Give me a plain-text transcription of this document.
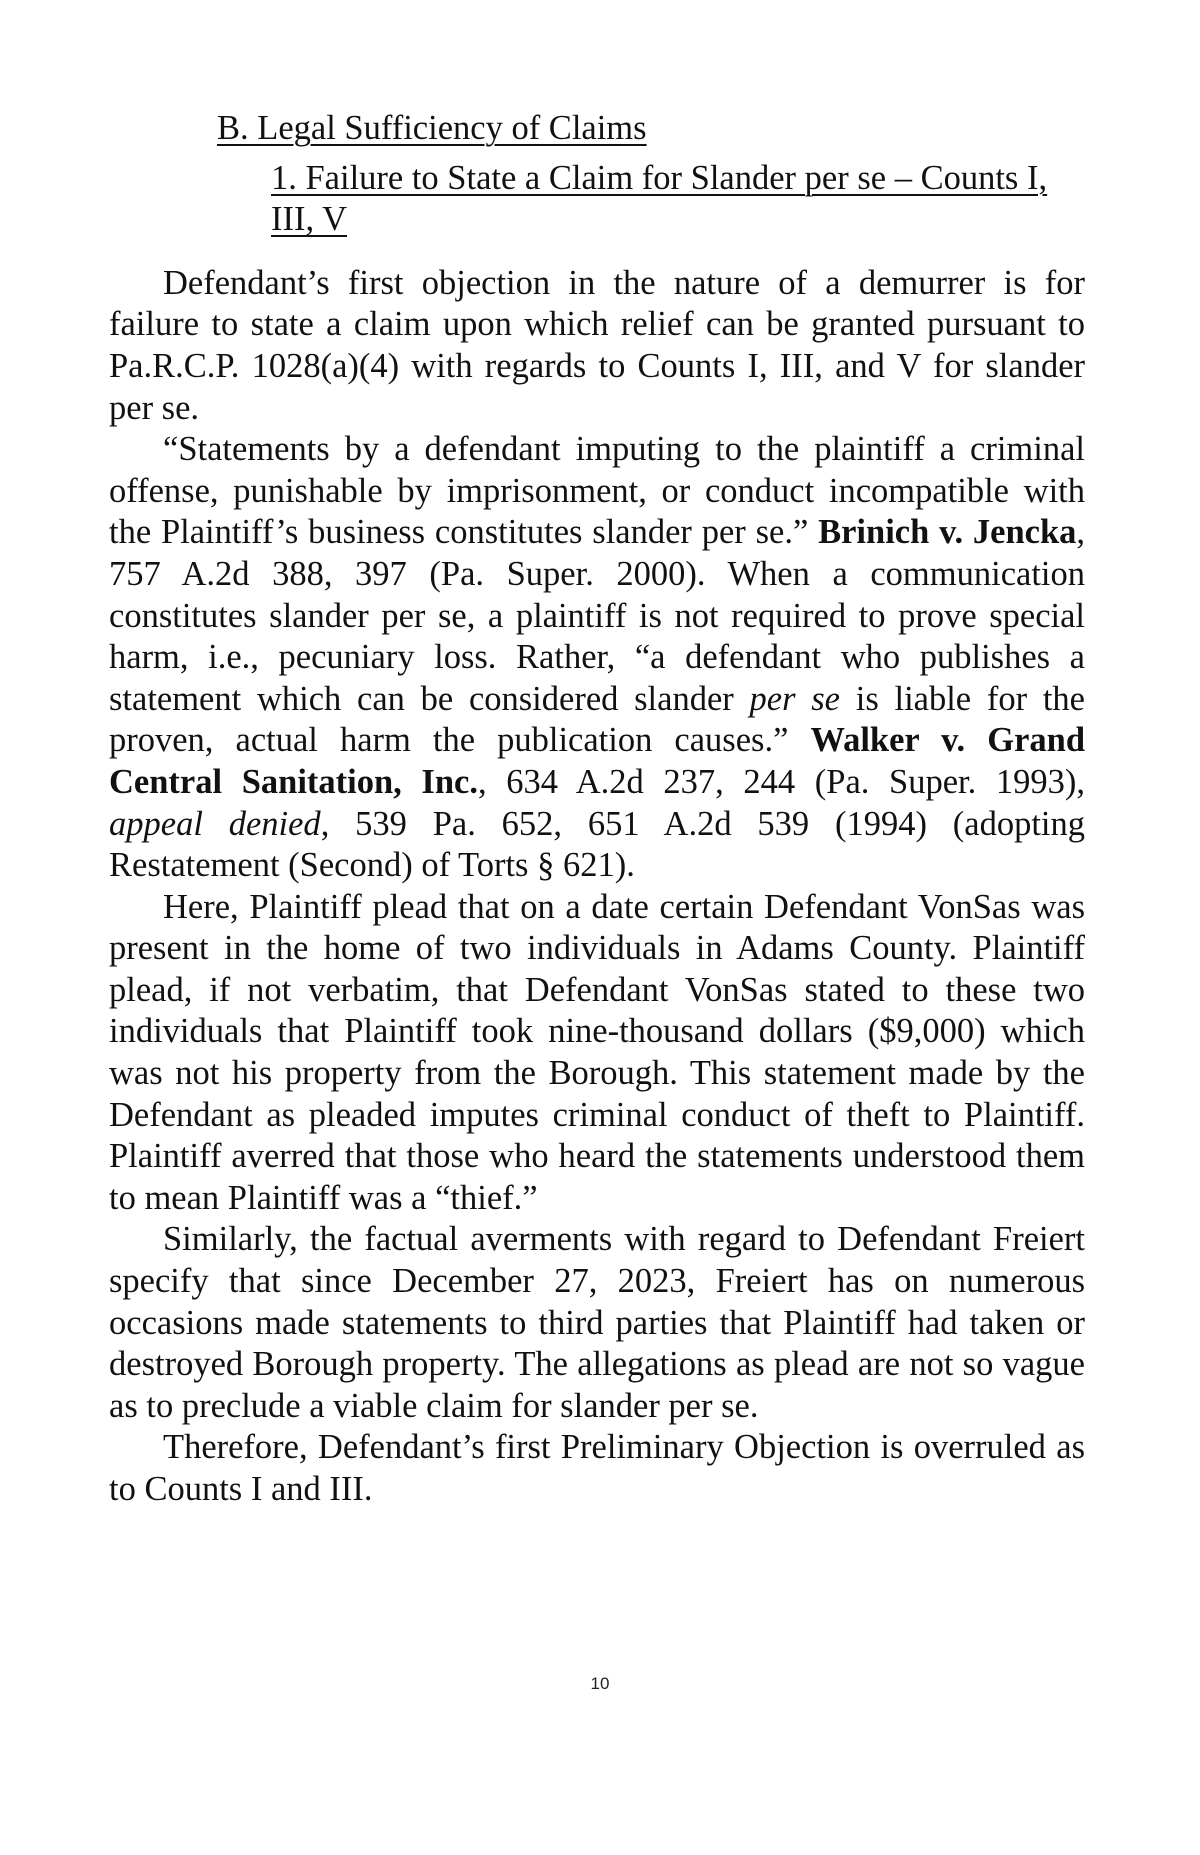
B. Legal Sufficiency of Claims
1. Failure to State a Claim for Slander per se – Counts I, III, V

Defendant’s first objection in the nature of a demurrer is for failure to state a claim upon which relief can be granted pursuant to Pa.R.C.P. 1028(a)(4) with regards to Counts I, III, and V for slander per se.

“Statements by a defendant imputing to the plaintiff a criminal offense, punishable by imprisonment, or conduct incompatible with the Plaintiff’s business constitutes slander per se.” Brinich v. Jencka, 757 A.2d 388, 397 (Pa. Super. 2000). When a communication constitutes slander per se, a plaintiff is not required to prove special harm, i.e., pecuniary loss. Rather, “a defendant who publishes a statement which can be considered slander per se is liable for the proven, actual harm the publication causes.” Walker v. Grand Central Sanitation, Inc., 634 A.2d 237, 244 (Pa. Super. 1993), appeal denied, 539 Pa. 652, 651 A.2d 539 (1994) (adopting Restatement (Second) of Torts § 621).

Here, Plaintiff plead that on a date certain Defendant VonSas was present in the home of two individuals in Adams County. Plaintiff plead, if not verbatim, that Defendant VonSas stated to these two individuals that Plaintiff took nine-thousand dollars ($9,000) which was not his property from the Borough. This statement made by the Defendant as pleaded imputes criminal conduct of theft to Plaintiff. Plaintiff averred that those who heard the statements understood them to mean Plaintiff was a “thief.”

Similarly, the factual averments with regard to Defendant Freiert specify that since December 27, 2023, Freiert has on numerous occasions made statements to third parties that Plaintiff had taken or destroyed Borough property. The allegations as plead are not so vague as to preclude a viable claim for slander per se.

Therefore, Defendant’s first Preliminary Objection is overruled as to Counts I and III.

10
